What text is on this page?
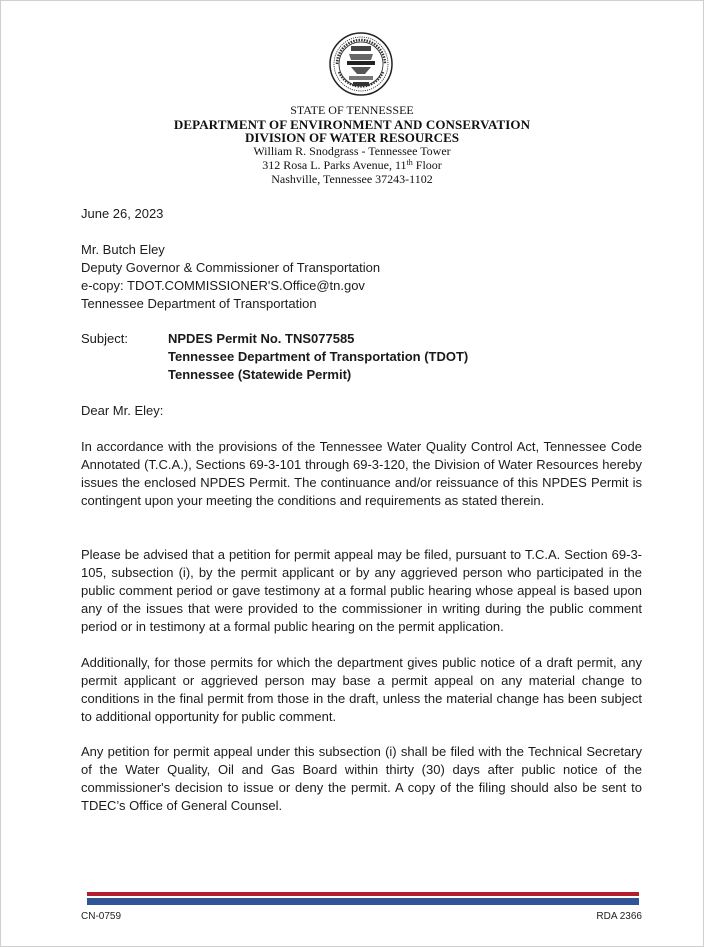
STATE OF TENNESSEE
DEPARTMENT OF ENVIRONMENT AND CONSERVATION
DIVISION OF WATER RESOURCES
William R. Snodgrass - Tennessee Tower
312 Rosa L. Parks Avenue, 11th Floor
Nashville, Tennessee 37243-1102
June 26, 2023
Mr. Butch Eley
Deputy Governor & Commissioner of Transportation
e-copy: TDOT.COMMISSIONER'S.Office@tn.gov
Tennessee Department of Transportation
Subject:	NPDES Permit No. TNS077585
Tennessee Department of Transportation (TDOT)
Tennessee (Statewide Permit)
Dear Mr. Eley:
In accordance with the provisions of the Tennessee Water Quality Control Act, Tennessee Code Annotated (T.C.A.), Sections 69-3-101 through 69-3-120, the Division of Water Resources hereby issues the enclosed NPDES Permit. The continuance and/or reissuance of this NPDES Permit is contingent upon your meeting the conditions and requirements as stated therein.
Please be advised that a petition for permit appeal may be filed, pursuant to T.C.A. Section 69-3-105, subsection (i), by the permit applicant or by any aggrieved person who participated in the public comment period or gave testimony at a formal public hearing whose appeal is based upon any of the issues that were provided to the commissioner in writing during the public comment period or in testimony at a formal public hearing on the permit application.
Additionally, for those permits for which the department gives public notice of a draft permit, any permit applicant or aggrieved person may base a permit appeal on any material change to conditions in the final permit from those in the draft, unless the material change has been subject to additional opportunity for public comment.
Any petition for permit appeal under this subsection (i) shall be filed with the Technical Secretary of the Water Quality, Oil and Gas Board within thirty (30) days after public notice of the commissioner's decision to issue or deny the permit. A copy of the filing should also be sent to TDEC’s Office of General Counsel.
CN-0759	RDA 2366
